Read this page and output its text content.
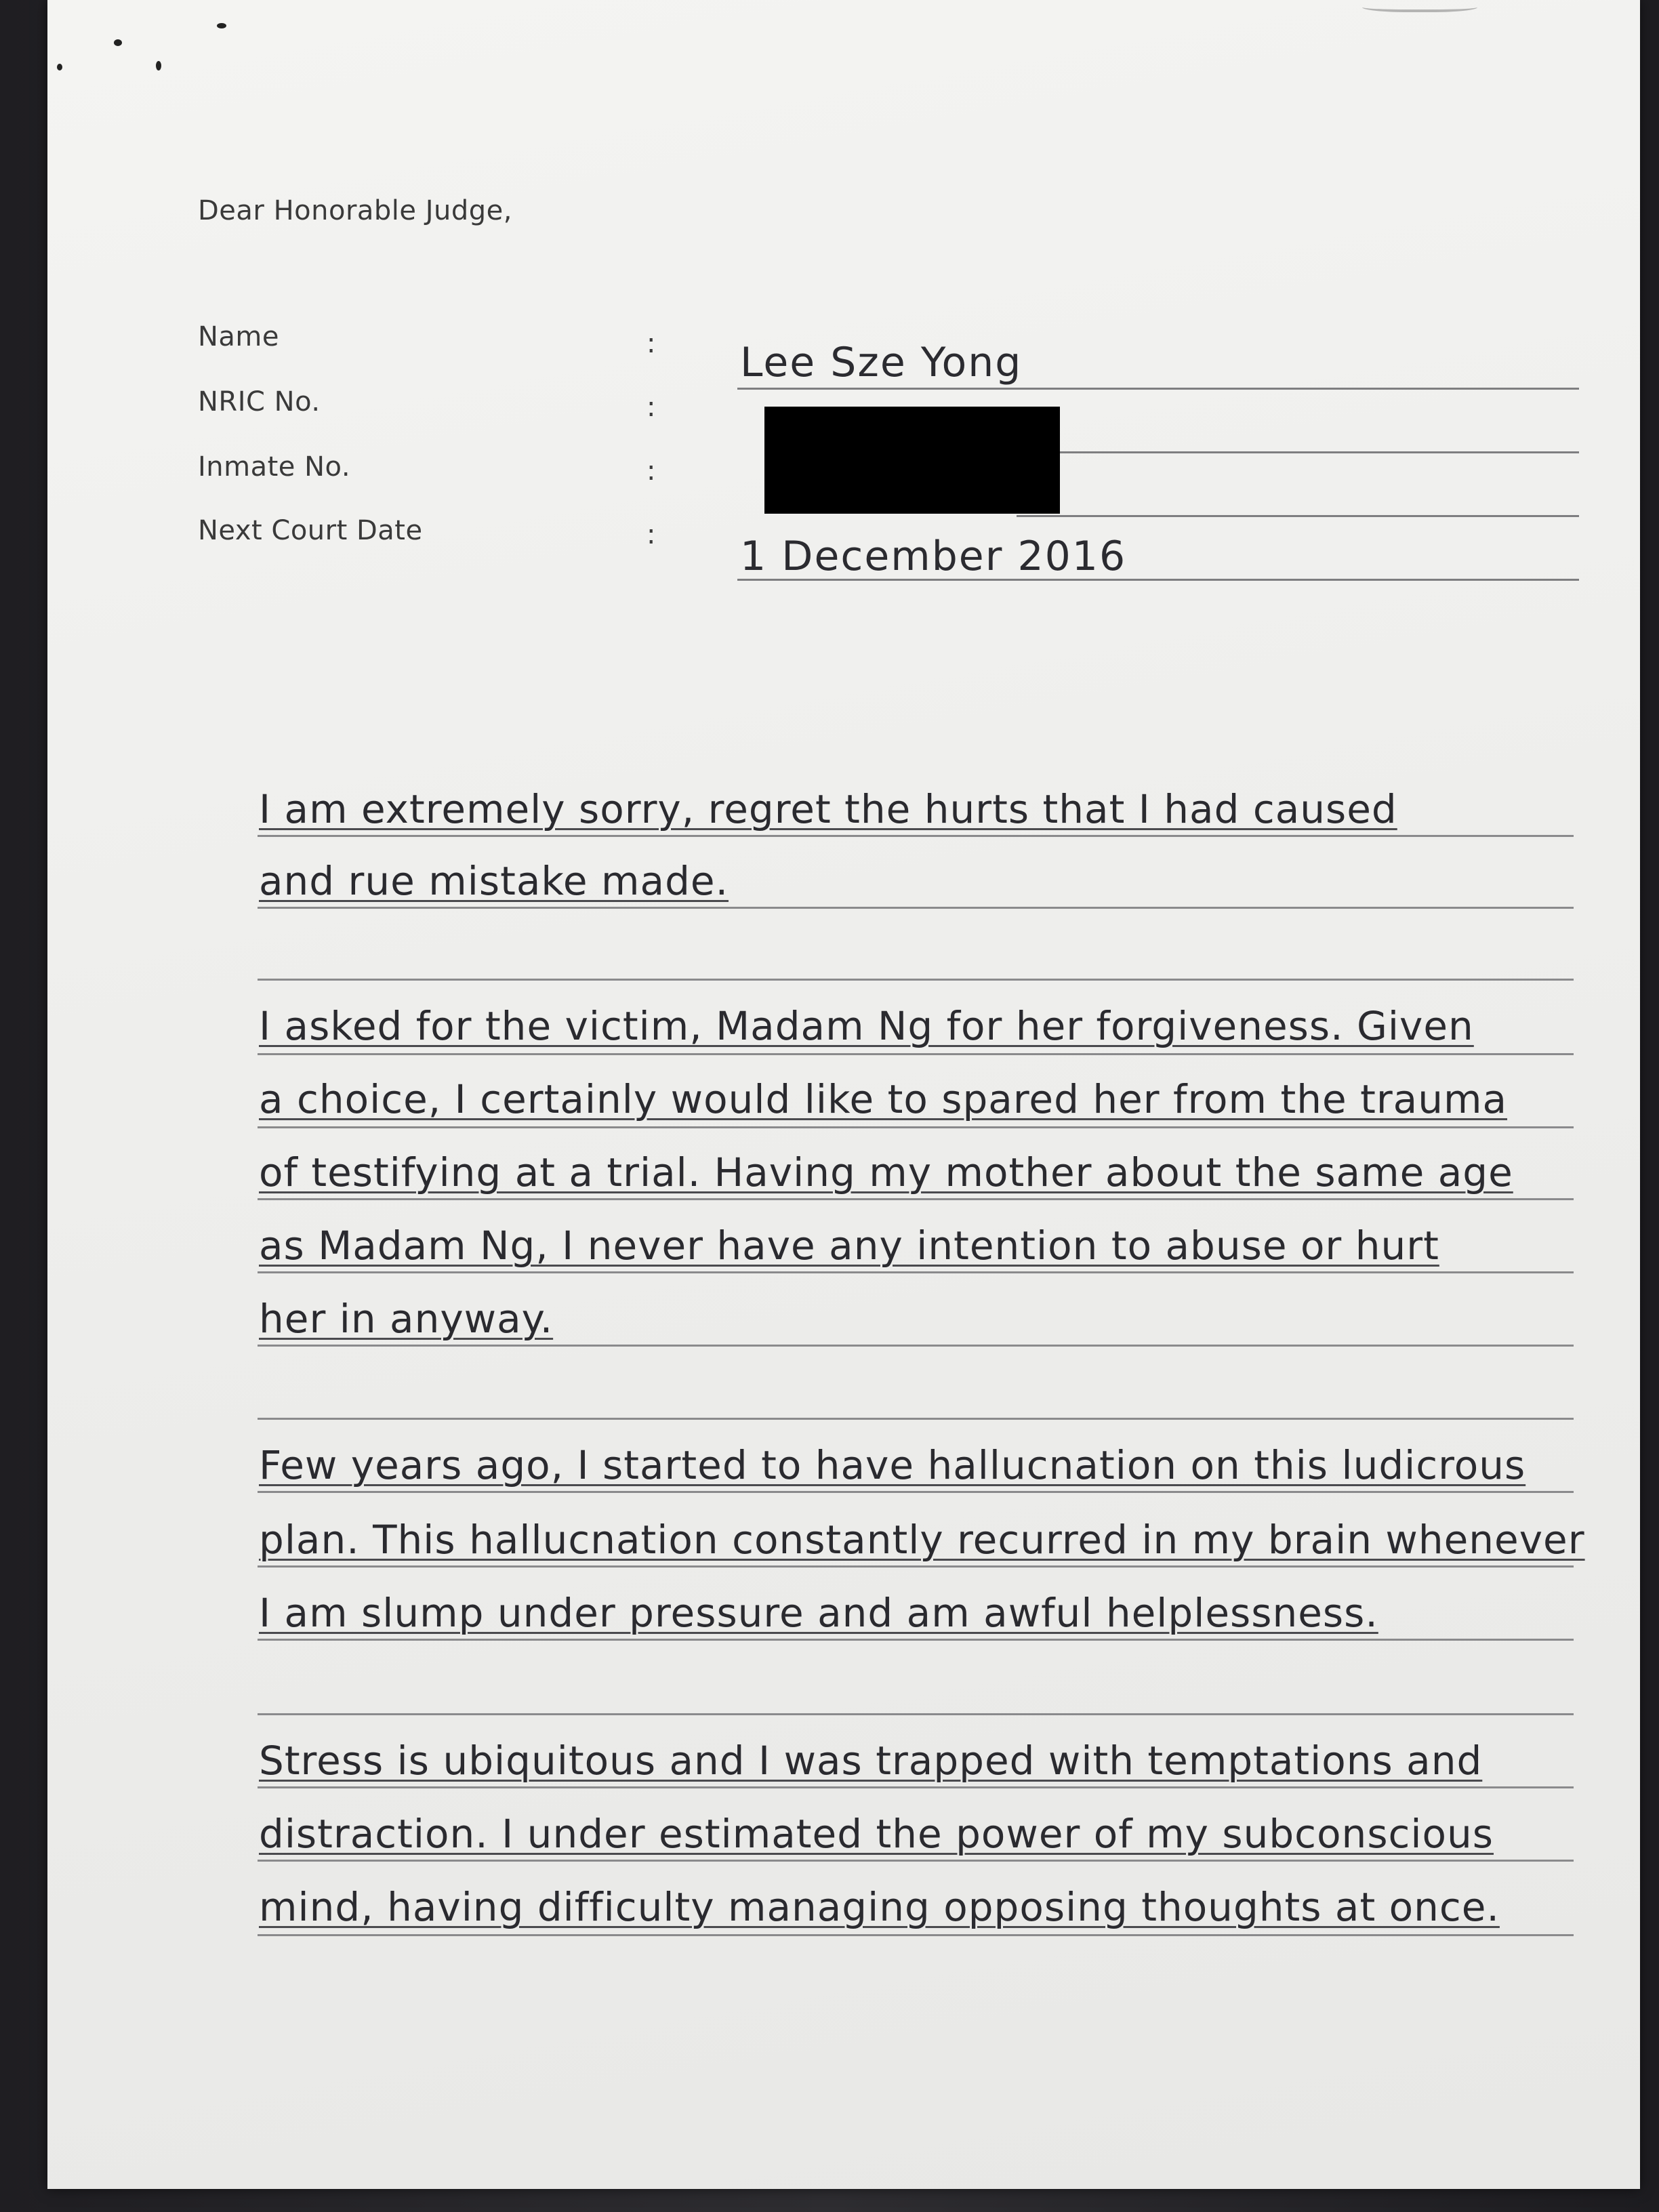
Dear Honorable Judge,
Name
NRIC No.
Inmate No.
Next Court Date
:
:
:
:
Lee Sze Yong
1 December 2016
I am extremely sorry, regret the hurts that I had caused
and rue mistake made.
I asked for the victim, Madam Ng for her forgiveness. Given
a choice, I certainly would like to spared her from the trauma
of testifying at a trial. Having my mother about the same age
as Madam Ng, I never have any intention to abuse or hurt
her in anyway.
Few years ago, I started to have hallucnation on this ludicrous
plan. This hallucnation constantly recurred in my brain whenever
I am slump under pressure and am awful helplessness.
Stress is ubiquitous and I was trapped with temptations and
distraction. I under estimated the power of my subconscious
mind, having difficulty managing opposing thoughts at once.
